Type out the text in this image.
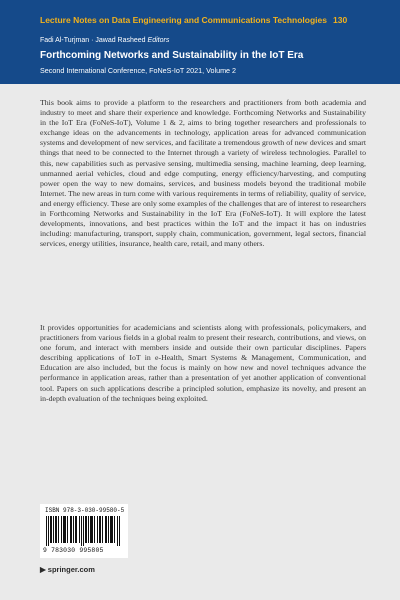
Lecture Notes on Data Engineering and Communications Technologies 130
Fadi Al-Turjman · Jawad Rasheed Editors
Forthcoming Networks and Sustainability in the IoT Era
Second International Conference, FoNeS-IoT 2021, Volume 2

This book aims to provide a platform to the researchers and practitioners from both academia and industry to meet and share their experience and knowledge. Forthcoming Networks and Sustainability in the IoT Era (FoNeS-IoT), Volume 1 & 2, aims to bring together researchers and professionals to exchange ideas on the advancements in technology, application areas for advanced communication systems and development of new services, and facilitate a tremendous growth of new devices and smart things that need to be connected to the Internet through a variety of wireless technologies. Parallel to this, new capabilities such as pervasive sensing, multimedia sensing, machine learning, deep learning, unmanned aerial vehicles, cloud and edge computing, energy efficiency/harvesting, and computing power open the way to new domains, services, and business models beyond the traditional mobile Internet. The new areas in turn come with various requirements in terms of reliability, quality of service, and energy efficiency. These are only some examples of the challenges that are of interest to researchers in Forthcoming Networks and Sustainability in the IoT Era (FoNeS-IoT). It will explore the latest developments, innovations, and best practices within the IoT and the impact it has on industries including: manufacturing, transport, supply chain, communication, government, legal sectors, financial services, energy utilities, insurance, health care, retail, and many others.

It provides opportunities for academicians and scientists along with professionals, policymakers, and practitioners from various fields in a global realm to present their research, contributions, and views, on one forum, and interact with members inside and outside their own particular disciplines. Papers describing applications of IoT in e-Health, Smart Systems & Management, Communication, and Education are also included, but the focus is mainly on how new and novel techniques advance the performance in application areas, rather than a presentation of yet another application of conventional tool. Papers on such applications describe a principled solution, emphasize its novelty, and present an in-depth evaluation of the techniques being exploited.

ISBN 978-3-030-99580-5
9 783030 995805
▶ springer.com
